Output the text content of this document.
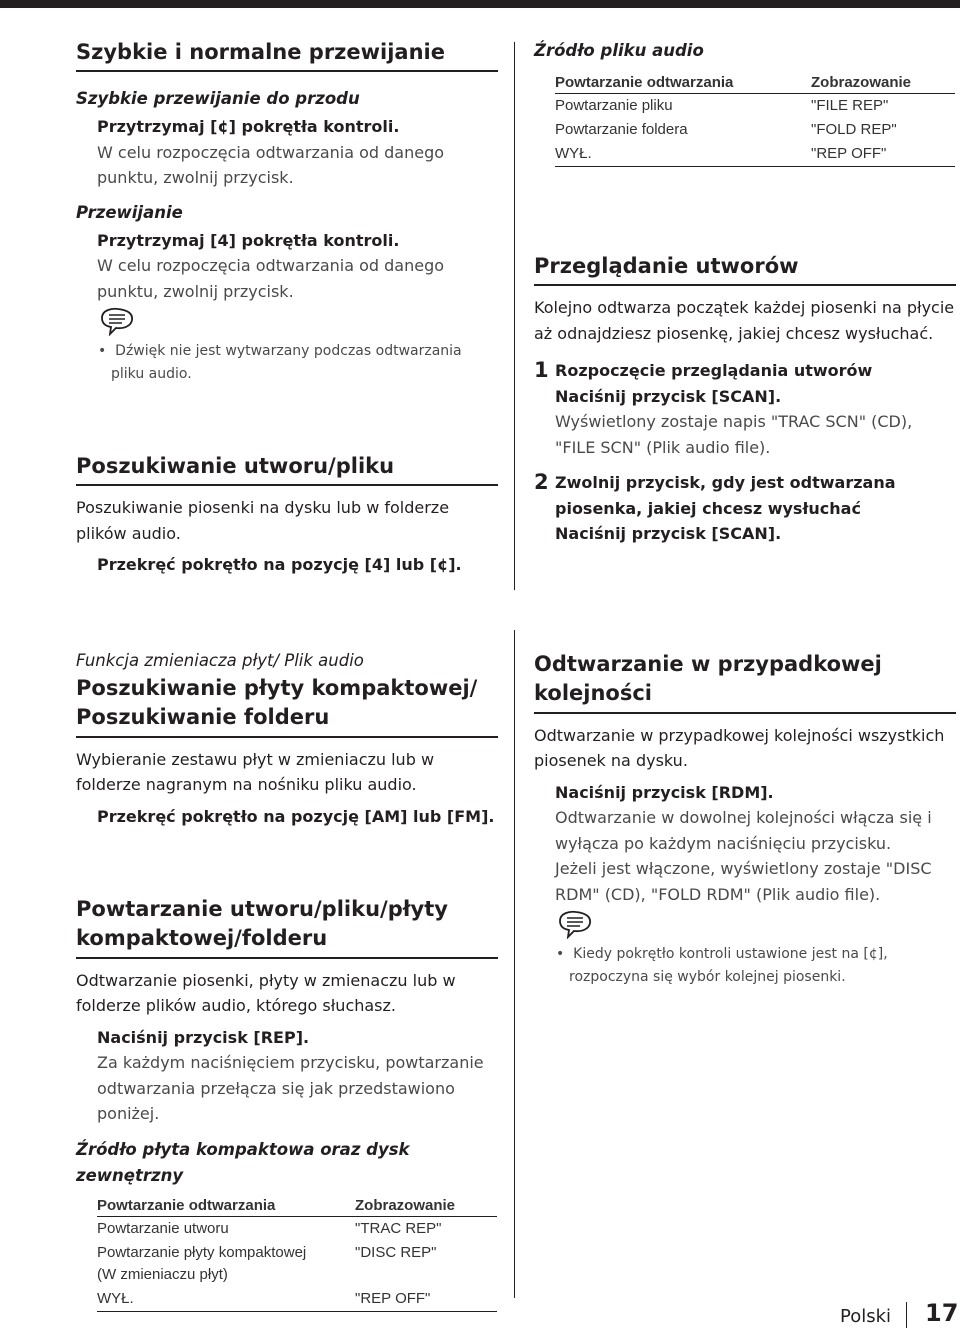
Szybkie i normalne przewijanie

Szybkie przewijanie do przodu

Przytrzymaj [¢] pokrętła kontroli.

W celu rozpoczęcia odtwarzania od danego punktu, zwolnij przycisk.

Przewijanie

Przytrzymaj [4] pokrętła kontroli.

W celu rozpoczęcia odtwarzania od danego punktu, zwolnij przycisk.

•  Dźwięk nie jest wytwarzany podczas odtwarzania pliku audio.

Poszukiwanie utworu/pliku

Poszukiwanie piosenki na dysku lub w folderze plików audio.

Przekręć pokrętło na pozycję [4] lub [¢].

Źródło pliku audio

Powtarzanie odtwarzania	Zobrazowanie
Powtarzanie pliku	"FILE REP"
Powtarzanie foldera	"FOLD REP"
WYŁ.	"REP OFF"
Przeglądanie utworów

Kolejno odtwarza początek każdej piosenki na płycie aż odnajdziesz piosenkę, jakiej chcesz wysłuchać.

1 Rozpoczęcie przeglądania utworów

Naciśnij przycisk [SCAN].

Wyświetlony zostaje napis "TRAC SCN" (CD), "FILE SCN" (Plik audio file).

2 Zwolnij przycisk, gdy jest odtwarzana piosenka, jakiej chcesz wysłuchać

Naciśnij przycisk [SCAN].

Funkcja zmieniacza płyt/ Plik audio

Poszukiwanie płyty kompaktowej/
Poszukiwanie folderu

Wybieranie zestawu płyt w zmieniaczu lub w folderze nagranym na nośniku pliku audio.

Przekręć pokrętło na pozycję [AM] lub [FM].

Powtarzanie utworu/pliku/płyty
kompaktowej/folderu

Odtwarzanie piosenki, płyty w zmienaczu lub w folderze plików audio, którego słuchasz.

Naciśnij przycisk [REP].

Za każdym naciśnięciem przycisku, powtarzanie odtwarzania przełącza się jak przedstawiono poniżej.

Źródło płyta kompaktowa oraz dysk zewnętrzny

Powtarzanie odtwarzania	Zobrazowanie
Powtarzanie utworu	"TRAC REP"
Powtarzanie płyty kompaktowej (W zmieniaczu płyt)	"DISC REP"
WYŁ.	"REP OFF"
Odtwarzanie w przypadkowej
kolejności

Odtwarzanie w przypadkowej kolejności wszystkich piosenek na dysku.

Naciśnij przycisk [RDM].

Odtwarzanie w dowolnej kolejności włącza się i wyłącza po każdym naciśnięciu przycisku.

Jeżeli jest włączone, wyświetlony zostaje "DISC RDM" (CD), "FOLD RDM" (Plik audio file).

•  Kiedy pokrętło kontroli ustawione jest na [¢], rozpoczyna się wybór kolejnej piosenki.

Polski 17
